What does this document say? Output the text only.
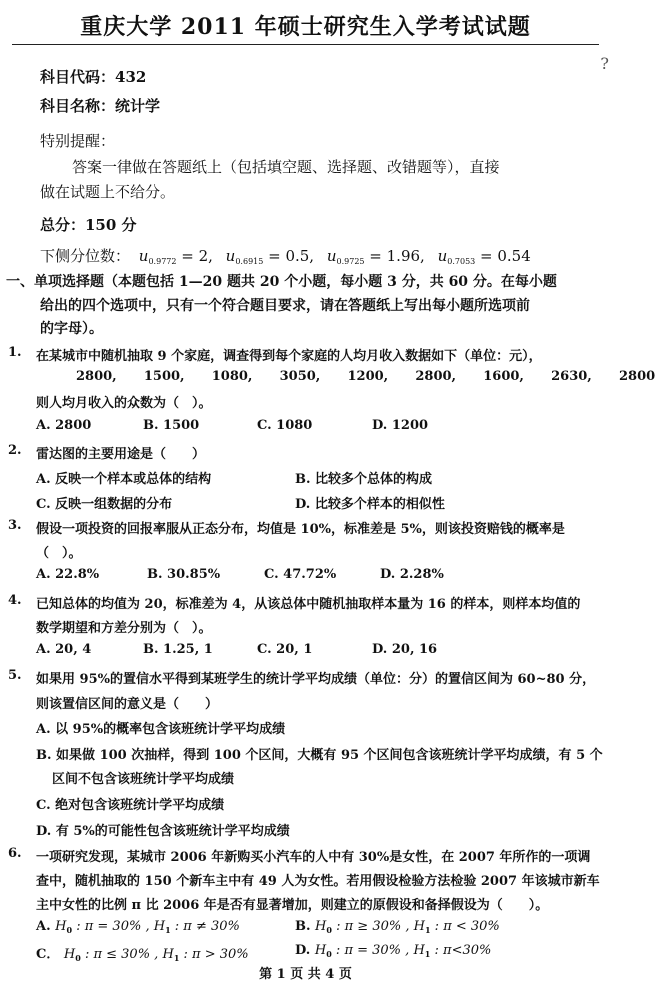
重庆大学 2011 年硕士研究生入学考试试题
?
科目代码：432
科目名称：统计学
特别提醒：
答案一律做在答题纸上（包括填空题、选择题、改错题等），直接
做在试题上不给分。
总分：150 分
下侧分位数： $u_{0.9772} = 2$, $u_{0.6915} = 0.5$, $u_{0.9725} = 1.96$, $u_{0.7053} = 0.54$
一、单项选择题（本题包括 1—20 题共 20 个小题，每小题 3 分，共 60 分。在每小题
给出的四个选项中，只有一个符合题目要求，请在答题纸上写出每小题所选项前
的字母）。
1. 在某城市中随机抽取 9 个家庭，调查得到每个家庭的人均月收入数据如下（单位：元），
2800, 1500, 1080, 3050, 1200, 2800, 1600, 2630, 2800
则人均月收入的众数为（　）。
A. 2800	B. 1500	C. 1080	D. 1200
2. 雷达图的主要用途是（　　）
A. 反映一个样本或总体的结构	B. 比较多个总体的构成
C. 反映一组数据的分布	D. 比较多个样本的相似性
3. 假设一项投资的回报率服从正态分布，均值是 10%，标准差是 5%，则该投资赔钱的概率是
（　）。
A. 22.8%	B. 30.85%	C. 47.72%	D. 2.28%
4. 已知总体的均值为 20，标准差为 4，从该总体中随机抽取样本量为 16 的样本，则样本均值的
数学期望和方差分别为（　）。
A. 20, 4	B. 1.25, 1	C. 20, 1	D. 20, 16
5. 如果用 95%的置信水平得到某班学生的统计学平均成绩（单位：分）的置信区间为 60~80 分，
则该置信区间的意义是（　　）
A. 以 95%的概率包含该班统计学平均成绩
B. 如果做 100 次抽样，得到 100 个区间，大概有 95 个区间包含该班统计学平均成绩，有 5 个
区间不包含该班统计学平均成绩
C. 绝对包含该班统计学平均成绩
D. 有 5%的可能性包含该班统计学平均成绩
6. 一项研究发现，某城市 2006 年新购买小汽车的人中有 30%是女性，在 2007 年所作的一项调
查中，随机抽取的 150 个新车主中有 49 人为女性。若用假设检验方法检验 2007 年该城市新车
主中女性的比例 π 比 2006 年是否有显著增加，则建立的原假设和备择假设为（　　）。
A. $H_0$ : π = 30% , $H_1$ : π ≠ 30%	B. $H_0$ : π ≥ 30% , $H_1$ : π < 30%
C． $H_0$ : π ≤ 30% , $H_1$ : π > 30%	D. $H_0$ : π = 30% , $H_1$ : π<30%
第 1 页 共 4 页
